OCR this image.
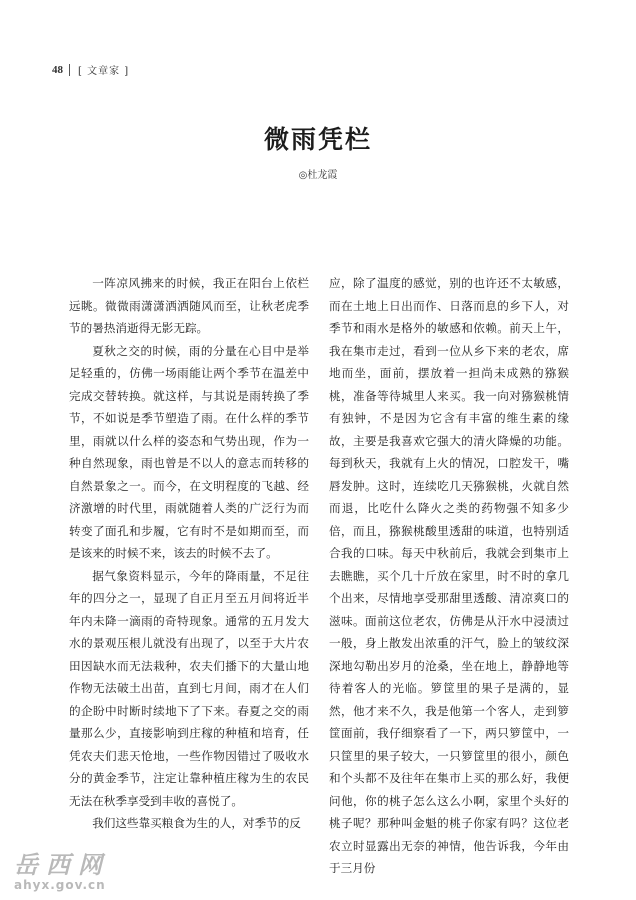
48 [ 文章家 ]
微雨凭栏
◎杜龙霞

一阵凉风拂来的时候，我正在阳台上依栏远眺。微微雨潇潇洒洒随风而至，让秋老虎季节的暑热消逝得无影无踪。

夏秋之交的时候，雨的分量在心目中是举足轻重的，仿佛一场雨能让两个季节在温差中完成交替转换。就这样，与其说是雨转换了季节，不如说是季节塑造了雨。在什么样的季节里，雨就以什么样的姿态和气势出现，作为一种自然现象，雨也曾是不以人的意志而转移的自然景象之一。而今，在文明程度的飞越、经济激增的时代里，雨就随着人类的广泛行为而转变了面孔和步履，它有时不是如期而至，而是该来的时候不来，该去的时候不去了。

据气象资料显示，今年的降雨量，不足往年的四分之一，显现了自正月至五月间将近半年内未降一滴雨的奇特现象。通常的五月发大水的景观压根儿就没有出现了，以至于大片农田因缺水而无法栽种，农夫们播下的大量山地作物无法破土出苗，直到七月间，雨才在人们的企盼中时断时续地下了下来。春夏之交的雨量那么少，直接影响到庄稼的种植和培育，任凭农夫们悲天怆地，一些作物因错过了吸收水分的黄金季节，注定让靠种植庄稼为生的农民无法在秋季享受到丰收的喜悦了。

我们这些靠买粮食为生的人，对季节的反

应，除了温度的感觉，别的也许还不太敏感，而在土地上日出而作、日落而息的乡下人，对季节和雨水是格外的敏感和依赖。前天上午，我在集市走过，看到一位从乡下来的老农，席地而坐，面前，摆放着一担尚未成熟的猕猴桃，准备等待城里人来买。我一向对猕猴桃情有独钟，不是因为它含有丰富的维生素的缘故，主要是我喜欢它强大的清火降燥的功能。每到秋天，我就有上火的情况，口腔发干，嘴唇发肿。这时，连续吃几天猕猴桃，火就自然而退，比吃什么降火之类的药物强不知多少倍，而且，猕猴桃酸里透甜的味道，也特别适合我的口味。每天中秋前后，我就会到集市上去瞧瞧，买个几十斤放在家里，时不时的拿几个出来，尽情地享受那甜里透酸、清凉爽口的滋味。面前这位老农，仿佛是从汗水中浸渍过一般，身上散发出浓重的汗气，脸上的皱纹深深地勾勒出岁月的沧桑，坐在地上，静静地等待着客人的光临。箩筐里的果子是满的，显然，他才来不久，我是他第一个客人，走到箩筐面前，我仔细察看了一下，两只箩筐中，一只筐里的果子较大，一只箩筐里的很小，颜色和个头都不及往年在集市上买的那么好，我便问他，你的桃子怎么这么小啊，家里个头好的桃子呢？那种叫金魁的桃子你家有吗？这位老农立时显露出无奈的神情，他告诉我，今年由于三月份

岳西网
ahyx.gov.cn
